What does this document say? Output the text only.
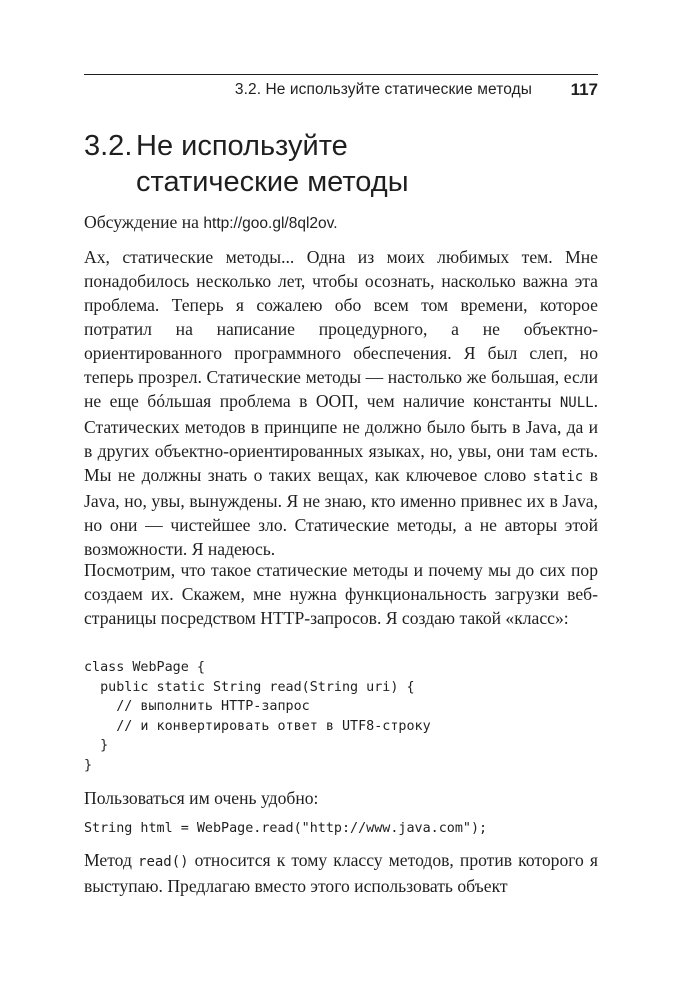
3.2. Не используйте статические методы 117
3.2. Не используйте
статические методы

Обсуждение на http://goo.gl/8ql2ov.

Ах, статические методы... Одна из моих любимых тем. Мне понадобилось несколько лет, чтобы осознать, насколько важна эта проблема. Теперь я сожалею обо всем том времени, которое потратил на написание процедурного, а не объектно-ориентированного программного обеспечения. Я был слеп, но теперь прозрел. Статические методы — настолько же большая, если не еще бóльшая проблема в ООП, чем наличие константы NULL. Статических методов в принципе не должно было быть в Java, да и в других объектно-ориентированных языках, но, увы, они там есть. Мы не должны знать о таких вещах, как ключевое слово static в Java, но, увы, вынуждены. Я не знаю, кто именно привнес их в Java, но они — чистейшее зло. Статические методы, а не авторы этой возможности. Я надеюсь.

Посмотрим, что такое статические методы и почему мы до сих пор создаем их. Скажем, мне нужна функциональность загрузки веб-страницы посредством HTTP-запросов. Я создаю такой «класс»:

class WebPage {
public static String read(String uri) {
// выполнить HTTP-запрос
// и конвертировать ответ в UTF8-строку
}
}

Пользоваться им очень удобно:

String html = WebPage.read("http://www.java.com");

Метод read() относится к тому классу методов, против которого я выступаю. Предлагаю вместо этого использовать объект
